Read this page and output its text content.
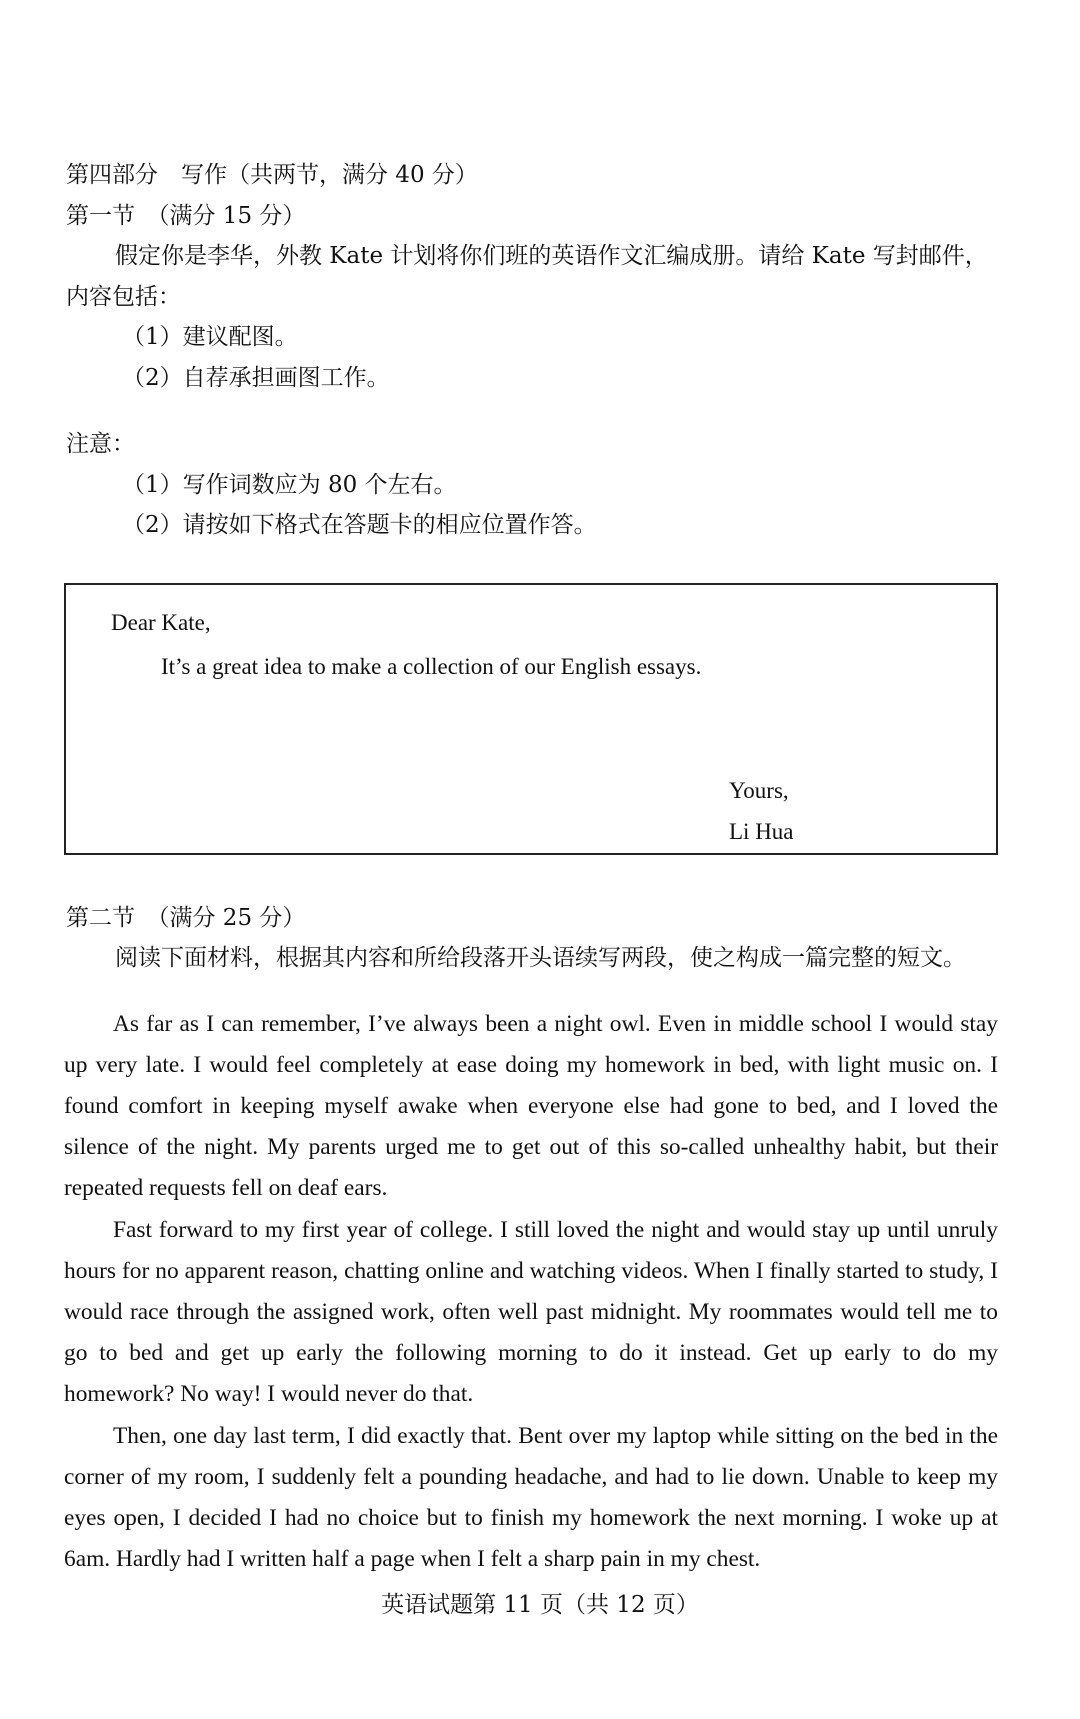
第四部分　写作（共两节，满分 40 分）
第一节　（满分 15 分）
假定你是李华，外教 Kate 计划将你们班的英语作文汇编成册。请给 Kate 写封邮件，
内容包括：
（1）建议配图。
（2）自荐承担画图工作。
注意：
（1）写作词数应为 80 个左右。
（2）请按如下格式在答题卡的相应位置作答。
Dear Kate,
It’s a great idea to make a collection of our English essays.
Yours,
Li Hua
第二节　（满分 25 分）
阅读下面材料，根据其内容和所给段落开头语续写两段，使之构成一篇完整的短文。

As far as I can remember, I’ve always been a night owl. Even in middle school I would stay up very late. I would feel completely at ease doing my homework in bed, with light music on. I found comfort in keeping myself awake when everyone else had gone to bed, and I loved the silence of the night. My parents urged me to get out of this so-called unhealthy habit, but their repeated requests fell on deaf ears.

Fast forward to my first year of college. I still loved the night and would stay up until unruly hours for no apparent reason, chatting online and watching videos. When I finally started to study, I would race through the assigned work, often well past midnight. My roommates would tell me to go to bed and get up early the following morning to do it instead. Get up early to do my homework? No way! I would never do that.

Then, one day last term, I did exactly that. Bent over my laptop while sitting on the bed in the corner of my room, I suddenly felt a pounding headache, and had to lie down. Unable to keep my eyes open, I decided I had no choice but to finish my homework the next morning. I woke up at 6am. Hardly had I written half a page when I felt a sharp pain in my chest.

英语试题第 11 页（共 12 页）
